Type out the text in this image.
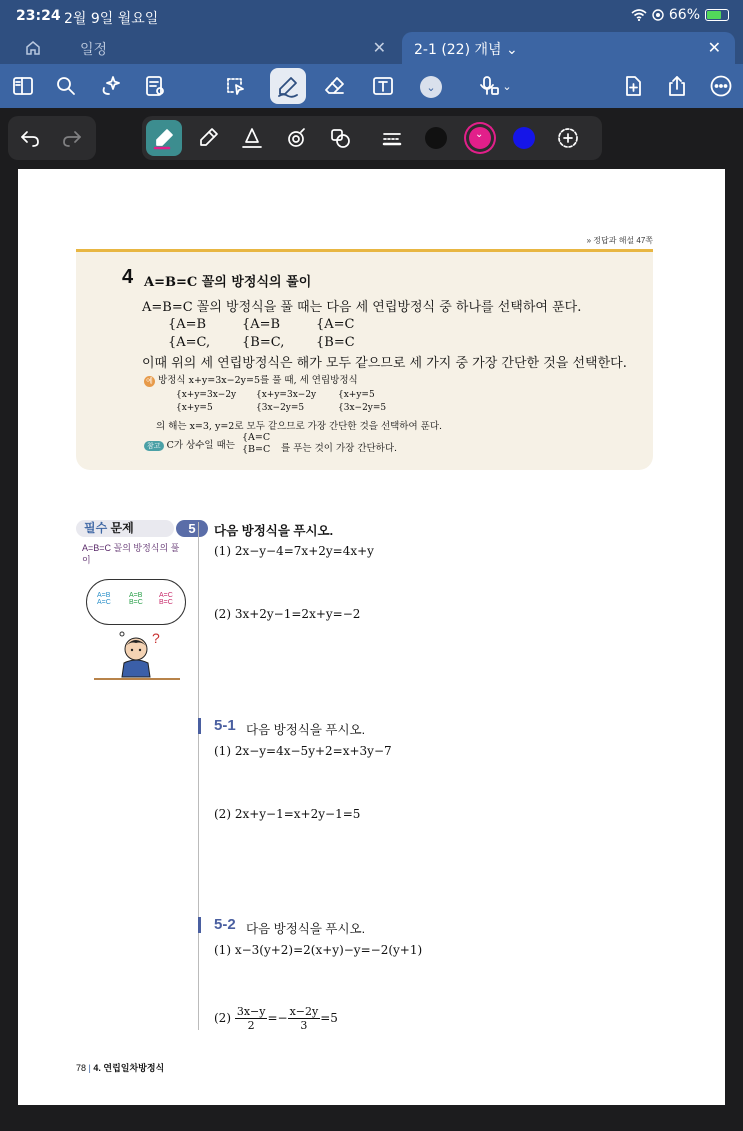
23:24 2월 9일 월요일	66%
일정	✕ 2-1 (22) 개념 ⌄	✕
⌄	⌄
⌄
» 정답과 해설 47쪽
4 A=B=C 꼴의 방정식의 풀이
A=B=C 꼴의 방정식을 풀 때는 다음 세 연립방정식 중 하나를 선택하여 푼다.
{A=B
{A=C,
{A=B
{B=C,
{A=C
{B=C
이때 위의 세 연립방정식은 해가 모두 같으므로 세 가지 중 가장 간단한 것을 선택한다.
예 방정식 x+y=3x−2y=5를 풀 때, 세 연립방정식
{x+y=3x−2y
{x+y=5
{x+y=3x−2y
{3x−2y=5
{x+y=5
{3x−2y=5
의 해는 x=3, y=2로 모두 같으므로 가장 간단한 것을 선택하여 푼다.
참고 C가 상수일 때는
{A=C
{B=C 를 푸는 것이 가장 간단하다.
필수 문제	5	다음 방정식을 푸시오.
A=B=C 꼴의 방정식의 풀이
A=B
A=C
A=B
B=C
A=C
B=C
?
(1) 2x−y−4=7x+2y=4x+y
(2) 3x+2y−1=2x+y=−2
5-1 다음 방정식을 푸시오.
(1) 2x−y=4x−5y+2=x+3y−7
(2) 2x+y−1=x+2y−1=5
5-2 다음 방정식을 푸시오.
(1) x−3(y+2)=2(x+y)−y=−2(y+1)
$(2) \frac{3x-y}{2} =- \frac{x-2y}{3} =5$
78 | 4. 연립일차방정식
